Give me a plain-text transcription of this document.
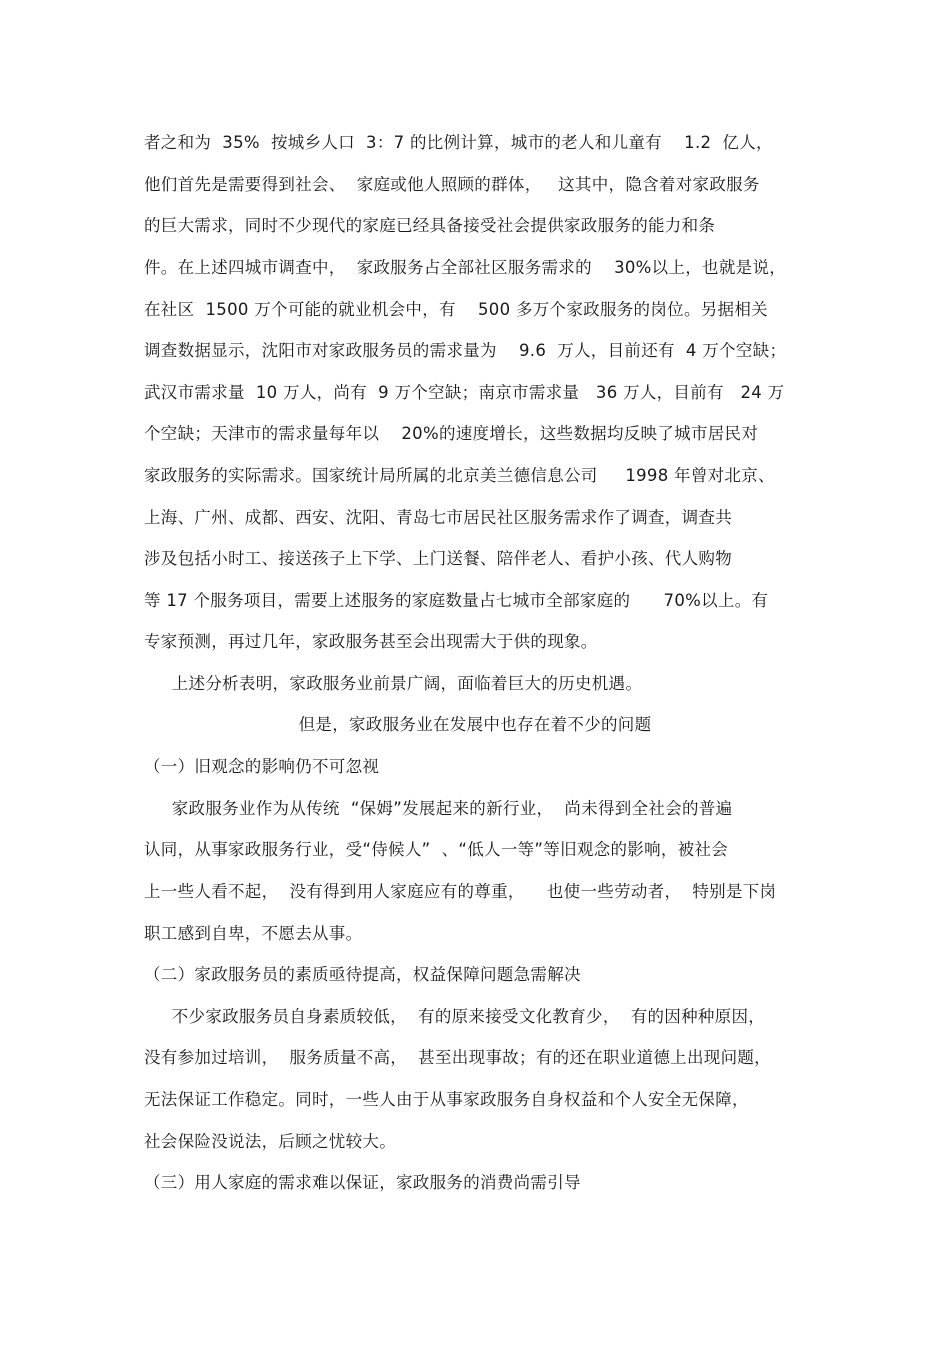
者之和为  35%  按城乡人口  3：7 的比例计算，城市的老人和儿童有    1.2  亿人，
他们首先是需要得到社会、  家庭或他人照顾的群体，   这其中，隐含着对家政服务
的巨大需求，同时不少现代的家庭已经具备接受社会提供家政服务的能力和条
件。在上述四城市调查中，  家政服务占全部社区服务需求的    30%以上，也就是说，
在社区  1500 万个可能的就业机会中，有    500 多万个家政服务的岗位。另据相关
调查数据显示，沈阳市对家政服务员的需求量为    9.6  万人，目前还有  4 万个空缺；
武汉市需求量  10 万人，尚有  9 万个空缺；南京市需求量   36 万人，目前有   24 万
个空缺；天津市的需求量每年以    20%的速度增长，这些数据均反映了城市居民对
家政服务的实际需求。国家统计局所属的北京美兰德信息公司     1998 年曾对北京、
上海、广州、成都、西安、沈阳、青岛七市居民社区服务需求作了调查，调查共
涉及包括小时工、接送孩子上下学、上门送餐、陪伴老人、看护小孩、代人购物
等 17 个服务项目，需要上述服务的家庭数量占七城市全部家庭的      70%以上。有
专家预测，再过几年，家政服务甚至会出现需大于供的现象。
上述分析表明，家政服务业前景广阔，面临着巨大的历史机遇。
但是，家政服务业在发展中也存在着不少的问题
（一）旧观念的影响仍不可忽视
家政服务业作为从传统  “保姆”发展起来的新行业，  尚未得到全社会的普遍
认同，从事家政服务行业，受“侍候人”  、“低人一等”等旧观念的影响，被社会
上一些人看不起，  没有得到用人家庭应有的尊重，    也使一些劳动者，  特别是下岗
职工感到自卑，不愿去从事。
（二）家政服务员的素质亟待提高，权益保障问题急需解决
不少家政服务员自身素质较低，  有的原来接受文化教育少，  有的因种种原因，
没有参加过培训，  服务质量不高，  甚至出现事故；有的还在职业道德上出现问题，
无法保证工作稳定。同时，一些人由于从事家政服务自身权益和个人安全无保障，
社会保险没说法，后顾之忧较大。
（三）用人家庭的需求难以保证，家政服务的消费尚需引导
